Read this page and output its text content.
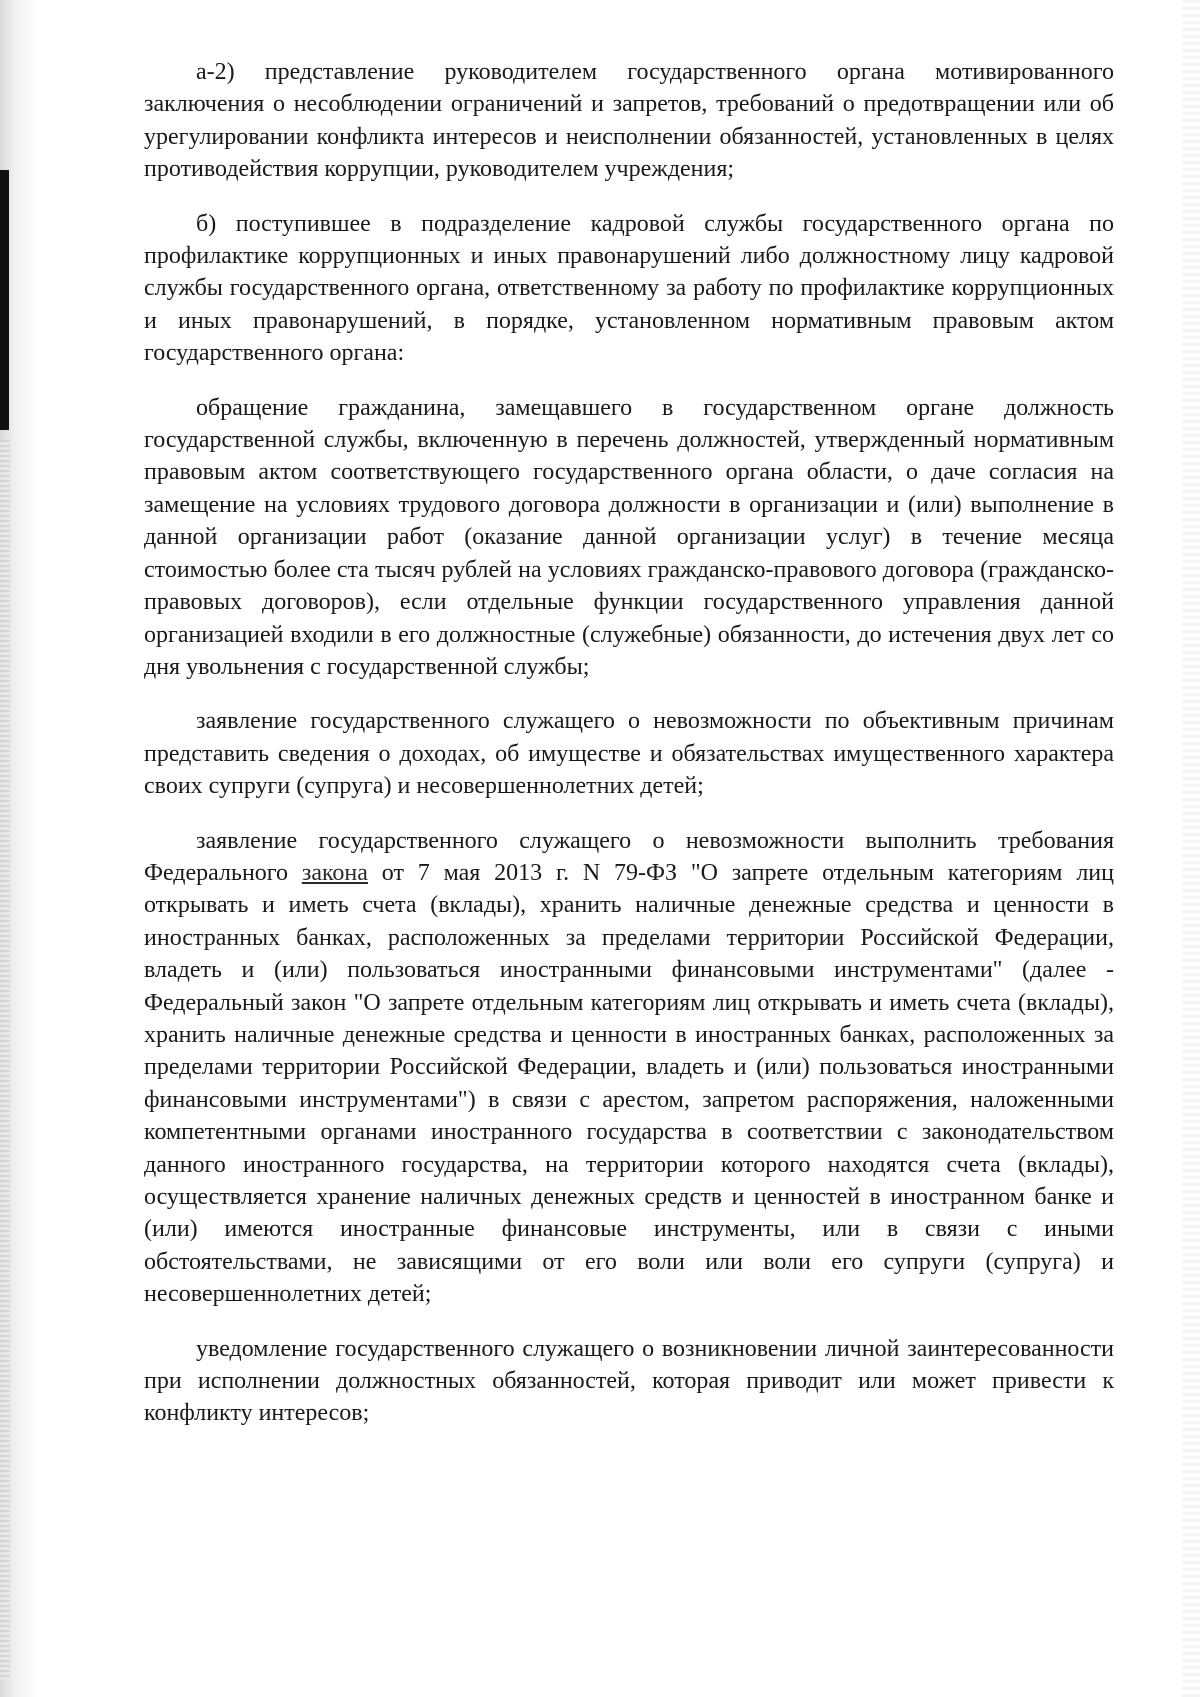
а-2) представление руководителем государственного органа мотивированного заключения о несоблюдении ограничений и запретов, требований о предотвращении или об урегулировании конфликта интересов и неисполнении обязанностей, установленных в целях противодействия коррупции, руководителем учреждения;

б) поступившее в подразделение кадровой службы государственного органа по профилактике коррупционных и иных правонарушений либо должностному лицу кадровой службы государственного органа, ответственному за работу по профилактике коррупционных и иных правонарушений, в порядке, установленном нормативным правовым актом государственного органа:

обращение гражданина, замещавшего в государственном органе должность государственной службы, включенную в перечень должностей, утвержденный нормативным правовым актом соответствующего государственного органа области, о даче согласия на замещение на условиях трудового договора должности в организации и (или) выполнение в данной организации работ (оказание данной организации услуг) в течение месяца стоимостью более ста тысяч рублей на условиях гражданско-правового договора (гражданско-правовых договоров), если отдельные функции государственного управления данной организацией входили в его должностные (служебные) обязанности, до истечения двух лет со дня увольнения с государственной службы;

заявление государственного служащего о невозможности по объективным причинам представить сведения о доходах, об имуществе и обязательствах имущественного характера своих супруги (супруга) и несовершеннолетних детей;

заявление государственного служащего о невозможности выполнить требования Федерального закона от 7 мая 2013 г. N 79-ФЗ "О запрете отдельным категориям лиц открывать и иметь счета (вклады), хранить наличные денежные средства и ценности в иностранных банках, расположенных за пределами территории Российской Федерации, владеть и (или) пользоваться иностранными финансовыми инструментами" (далее - Федеральный закон "О запрете отдельным категориям лиц открывать и иметь счета (вклады), хранить наличные денежные средства и ценности в иностранных банках, расположенных за пределами территории Российской Федерации, владеть и (или) пользоваться иностранными финансовыми инструментами") в связи с арестом, запретом распоряжения, наложенными компетентными органами иностранного государства в соответствии с законодательством данного иностранного государства, на территории которого находятся счета (вклады), осуществляется хранение наличных денежных средств и ценностей в иностранном банке и (или) имеются иностранные финансовые инструменты, или в связи с иными обстоятельствами, не зависящими от его воли или воли его супруги (супруга) и несовершеннолетних детей;

уведомление государственного служащего о возникновении личной заинтересованности при исполнении должностных обязанностей, которая приводит или может привести к конфликту интересов;
